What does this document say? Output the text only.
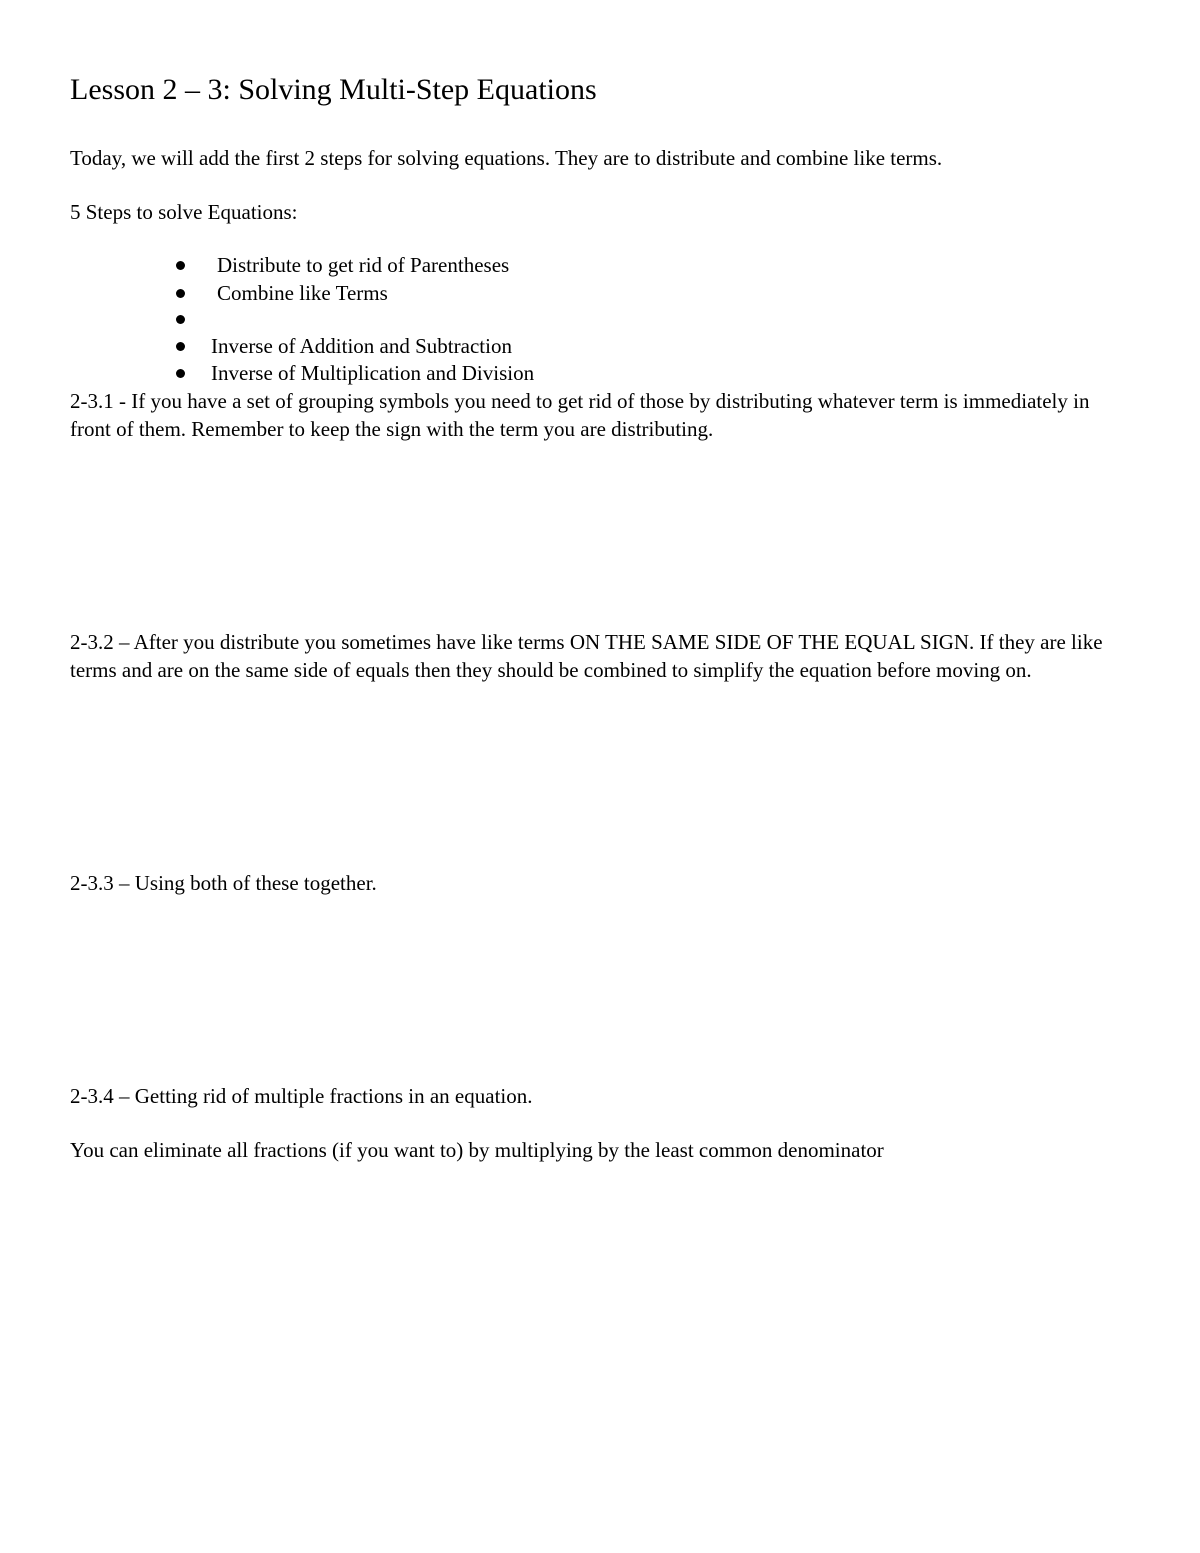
Lesson 2 – 3: Solving Multi-Step Equations
Today, we will add the first 2 steps for solving equations. They are to distribute and combine like terms.
5 Steps to solve Equations:
Distribute to get rid of Parentheses
Combine like Terms
Inverse of Addition and Subtraction
Inverse of Multiplication and Division
2-3.1 - If you have a set of grouping symbols you need to get rid of those by distributing whatever term is immediately in front of them. Remember to keep the sign with the term you are distributing.
2-3.2 – After you distribute you sometimes have like terms ON THE SAME SIDE OF THE EQUAL SIGN. If they are like terms and are on the same side of equals then they should be combined to simplify the equation before moving on.
2-3.3 – Using both of these together.
2-3.4 – Getting rid of multiple fractions in an equation.
You can eliminate all fractions (if you want to) by multiplying by the least common denominator
